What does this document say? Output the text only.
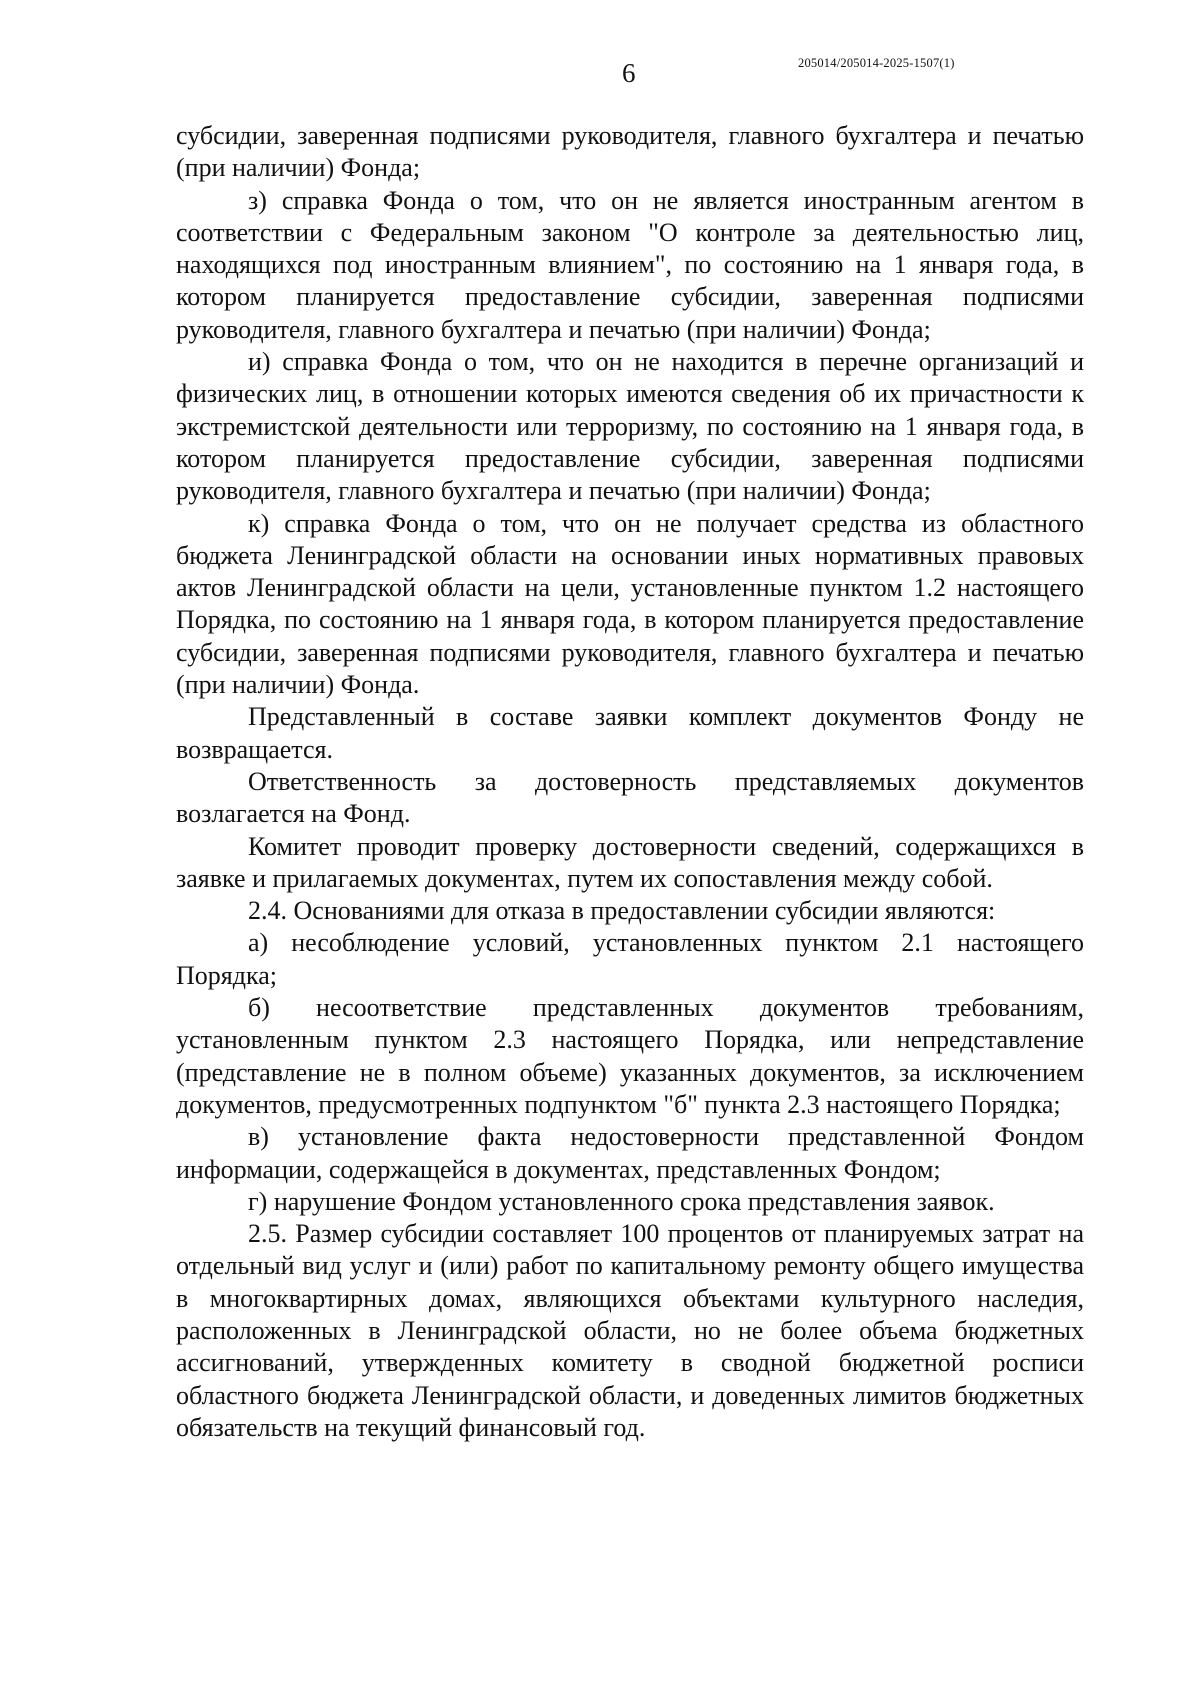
6	205014/205014-2025-1507(1)

субсидии, заверенная подписями руководителя, главного бухгалтера и печатью (при наличии) Фонда;

з) справка Фонда о том, что он не является иностранным агентом в соответствии с Федеральным законом "О контроле за деятельностью лиц, находящихся под иностранным влиянием", по состоянию на 1 января года, в котором планируется предоставление субсидии, заверенная подписями руководителя, главного бухгалтера и печатью (при наличии) Фонда;

и) справка Фонда о том, что он не находится в перечне организаций и физических лиц, в отношении которых имеются сведения об их причастности к экстремистской деятельности или терроризму, по состоянию на 1 января года, в котором планируется предоставление субсидии, заверенная подписями руководителя, главного бухгалтера и печатью (при наличии) Фонда;

к) справка Фонда о том, что он не получает средства из областного бюджета Ленинградской области на основании иных нормативных правовых актов Ленинградской области на цели, установленные пунктом 1.2 настоящего Порядка, по состоянию на 1 января года, в котором планируется предоставление субсидии, заверенная подписями руководителя, главного бухгалтера и печатью (при наличии) Фонда.

Представленный в составе заявки комплект документов Фонду не возвращается.

Ответственность за достоверность представляемых документов возлагается на Фонд.

Комитет проводит проверку достоверности сведений, содержащихся в заявке и прилагаемых документах, путем их сопоставления между собой.

2.4. Основаниями для отказа в предоставлении субсидии являются:

а) несоблюдение условий, установленных пунктом 2.1 настоящего Порядка;

б) несоответствие представленных документов требованиям, установленным пунктом 2.3 настоящего Порядка, или непредставление (представление не в полном объеме) указанных документов, за исключением документов, предусмотренных подпунктом "б" пункта 2.3 настоящего Порядка;

в) установление факта недостоверности представленной Фондом информации, содержащейся в документах, представленных Фондом;

г) нарушение Фондом установленного срока представления заявок.

2.5. Размер субсидии составляет 100 процентов от планируемых затрат на отдельный вид услуг и (или) работ по капитальному ремонту общего имущества в многоквартирных домах, являющихся объектами культурного наследия, расположенных в Ленинградской области, но не более объема бюджетных ассигнований, утвержденных комитету в сводной бюджетной росписи областного бюджета Ленинградской области, и доведенных лимитов бюджетных обязательств на текущий финансовый год.
